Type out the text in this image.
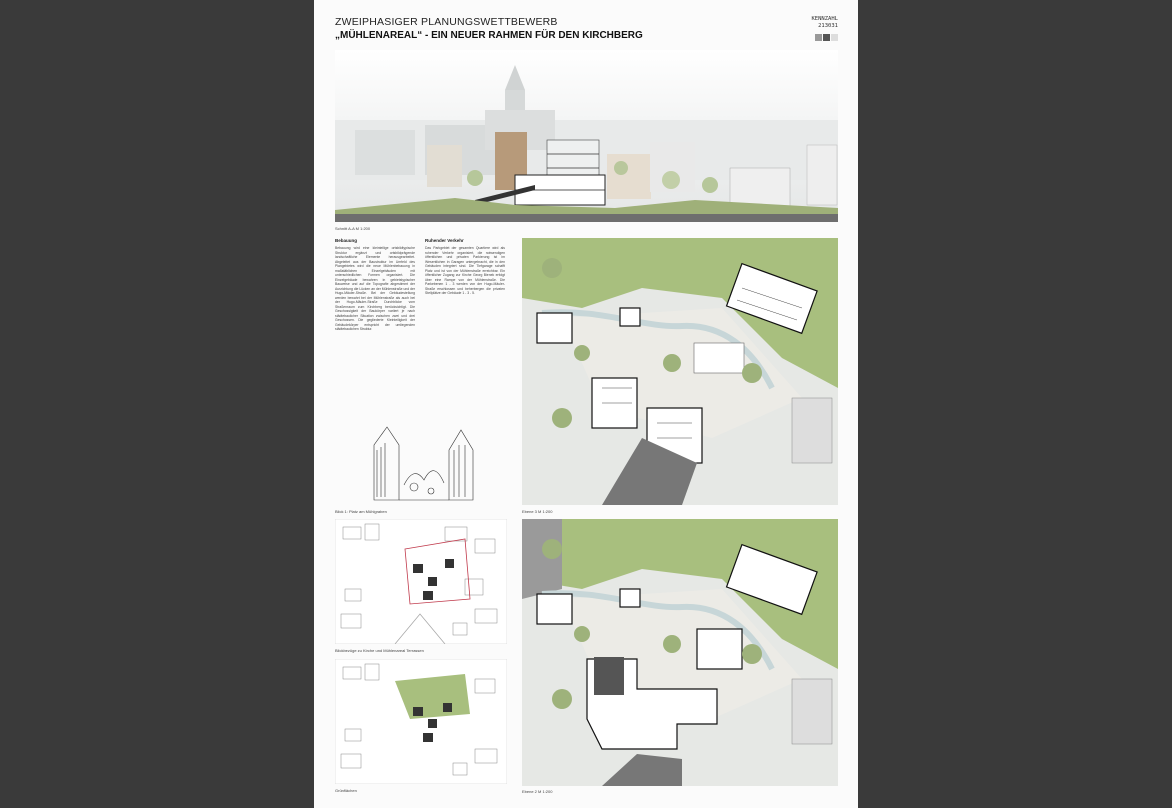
ZWEIPHASIGER PLANUNGSWETTBEWERB
„MÜHLENAREAL“ - EIN NEUER RAHMEN FÜR DEN KIRCHBERG
KENNZAHL
213031
Schnitt A-A M 1:200
Bebauung
Bebauung wird eine kleinteilige ortsbildtypische Struktur ergänzt und ortsbildprägende landschaftliche Elemente herausgearbeitet. Abgeleitet aus der Baustruktur im Umfeld des Plangebietes wird die neue Mühlenbebauung in maßstäblichen Einzelgebäuden mit unterschiedlichen Formen organisiert. Die Einzelgebäude bewahren in gebietstypischer Bauweise und auf die Topografie abgestimmt der Ausrichtung die Lücken an der Mühlenstraße und der Hugo-Mäuler-Straße. Bei der Gebäudestellung werden bewahrt bei der Mühlenstraße als auch bei der Hugo-Mäuler-Straße Durchblicke vom Straßenraum zum Kirchberg berücksichtigt. Die Geschossigkeit der Baukörper variiert je nach städtebaulicher Situation zwischen zwei und drei Geschossen. Die gegliederte Kleinteiligkeit der Gebäudekörper entspricht der umliegenden städtebaulichen Struktur.
Ruhender Verkehr
Das Parkgebiet der gesamten Quartiere wird als ruhender Verkehr organisiert, die notwendigen öffentlichen und privaten Parkierung ist im Wesentlichen in Garagen untergebracht, die in den Gebäuden integriert sind. Die Tiefgarage schafft Platz und ist von der Mühlenstraße erreichbar. Ein öffentlicher Zugang zur Kirche Georg Bienek erfolgt über eine Rampe von der Mühlenstraße. Die Parkebenen 1 - 3 werden von der Hugo-Mäuler-Straße erschlossen und beherbergen die privaten Stellplätze der Gebäude 1 - 3 - 5.
Blick 1: Platz am Mühlgraben
Blickbezüge zu Kirche und Mühlenareal Terrassen
Grünflächen
Ebene 3 M 1:200
Ebene 2 M 1:200
